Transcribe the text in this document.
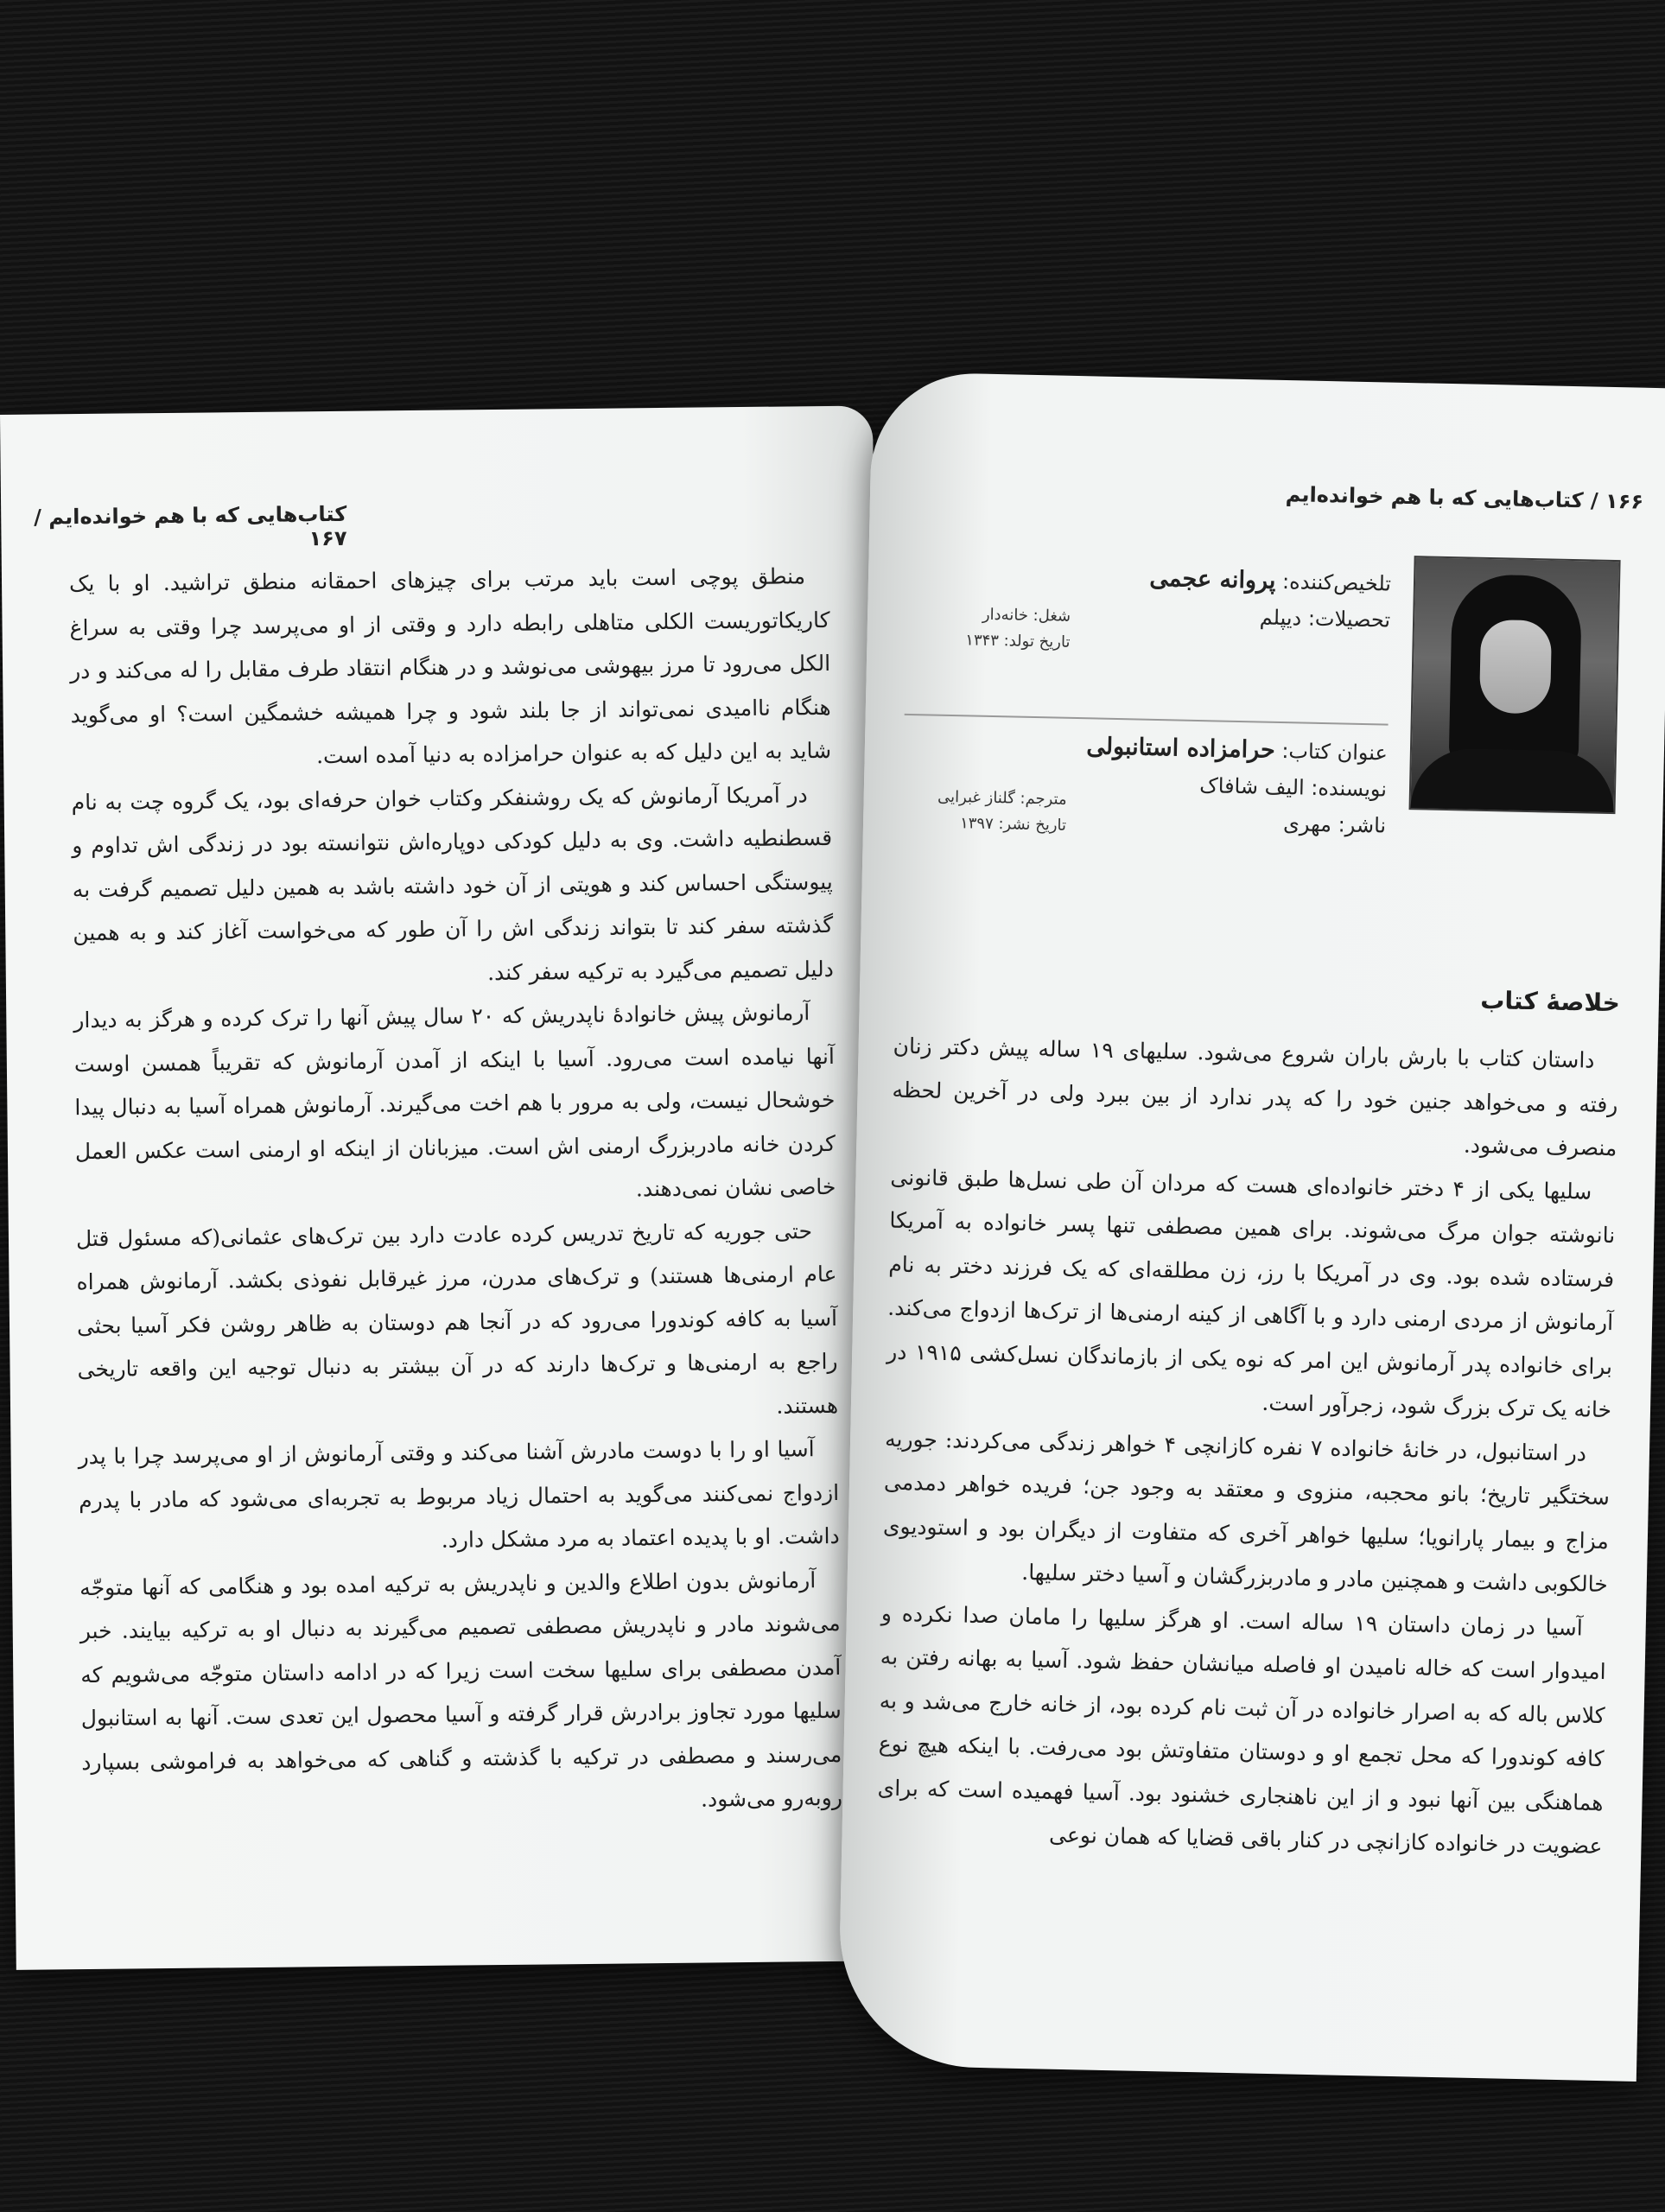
کتاب‌هایی که با هم خوانده‌ایم / ۱۶۷

منطق پوچی است باید مرتب برای چیزهای احمقانه منطق تراشید. او با یک کاریکاتوریست الکلی متاهلی رابطه دارد و وقتی از او می‌پرسد چرا وقتی به سراغ الکل می‌رود تا مرز بیهوشی می‌نوشد و در هنگام انتقاد طرف مقابل را له می‌کند و در هنگام ناامیدی نمی‌تواند از جا بلند شود و چرا همیشه خشمگین است؟ او می‌گوید شاید به این دلیل که به عنوان حرامزاده به دنیا آمده است.

در آمریکا آرمانوش که یک روشنفکر وکتاب خوان حرفه‌ای بود، یک گروه چت به نام قسطنطیه داشت. وی به دلیل کودکی دوپاره‌اش نتوانسته بود در زندگی اش تداوم و پیوستگی احساس کند و هویتی از آن خود داشته باشد به همین دلیل تصمیم گرفت به گذشته سفر کند تا بتواند زندگی اش را آن طور که می‌خواست آغاز کند و به همین دلیل تصمیم می‌گیرد به ترکیه سفر کند.

آرمانوش پیش خانوادهٔ ناپدریش که ۲۰ سال پیش آنها را ترک کرده و هرگز به دیدار آنها نیامده است می‌رود. آسیا با اینکه از آمدن آرمانوش که تقریباً همسن اوست خوشحال نیست، ولی به مرور با هم اخت می‌گیرند. آرمانوش همراه آسیا به دنبال پیدا کردن خانه مادربزرگ ارمنی اش است. میزبانان از اینکه او ارمنی است عکس العمل خاصی نشان نمی‌دهند.

حتی جوریه که تاریخ تدریس کرده عادت دارد بین ترک‌های عثمانی(که مسئول قتل عام ارمنی‌ها هستند) و ترک‌های مدرن، مرز غیرقابل نفوذی بکشد. آرمانوش همراه آسیا به کافه کوندورا می‌رود که در آنجا هم دوستان به ظاهر روشن فکر آسیا بحثی راجع به ارمنی‌ها و ترک‌ها دارند که در آن بیشتر به دنبال توجیه این واقعه تاریخی هستند.

آسیا او را با دوست مادرش آشنا می‌کند و وقتی آرمانوش از او می‌پرسد چرا با پدر ازدواج نمی‌کنند می‌گوید به احتمال زیاد مربوط به تجربه‌ای می‌شود که مادر با پدرم داشت. او با پدیده اعتماد به مرد مشکل دارد.

آرمانوش بدون اطلاع والدین و ناپدریش به ترکیه امده بود و هنگامی که آنها متوجّه می‌شوند مادر و ناپدریش مصطفی تصمیم می‌گیرند به دنبال او به ترکیه بیایند. خبر آمدن مصطفی برای سلیها سخت است زیرا که در ادامه داستان متوجّه می‌شویم که سلیها مورد تجاوز برادرش قرار گرفته و آسیا محصول این تعدی ست. آنها به استانبول می‌رسند و مصطفی در ترکیه با گذشته و گناهی که می‌خواهد به فراموشی بسپارد روبه‌رو می‌شود.

۱۶۶ / کتاب‌هایی که با هم خوانده‌ایم
تلخیص‌کننده: پروانه عجمی
تحصیلات: دیپلم
شغل: خانه‌دار
تاریخ تولد: ۱۳۴۳
عنوان کتاب: حرامزاده استانبولی
نویسنده: الیف شافاک
ناشر: مهری
مترجم: گلناز غبرایی
تاریخ نشر: ۱۳۹۷
خلاصهٔ کتاب

داستان کتاب با بارش باران شروع می‌شود. سلیهای ۱۹ ساله پیش دکتر زنان رفته و می‌خواهد جنین خود را که پدر ندارد از بین ببرد ولی در آخرین لحظه منصرف می‌شود.

سلیها یکی از ۴ دختر خانواده‌ای هست که مردان آن طی نسل‌ها طبق قانونی نانوشته جوان مرگ می‌شوند. برای همین مصطفی تنها پسر خانواده به آمریکا فرستاده شده بود. وی در آمریکا با رز، زن مطلقه‌ای که یک فرزند دختر به نام آرمانوش از مردی ارمنی دارد و با آگاهی از کینه ارمنی‌ها از ترک‌ها ازدواج می‌کند. برای خانواده پدر آرمانوش این امر که نوه یکی از بازماندگان نسل‌کشی ۱۹۱۵ در خانه یک ترک بزرگ شود، زجرآور است.

در استانبول، در خانهٔ خانواده ۷ نفره کازانچی ۴ خواهر زندگی می‌کردند: جوریه سختگیر تاریخ؛ بانو محجبه، منزوی و معتقد به وجود جن؛ فریده خواهر دمدمی مزاج و بیمار پارانویا؛ سلیها خواهر آخری که متفاوت از دیگران بود و استودیوی خالکوبی داشت و همچنین مادر و مادربزرگشان و آسیا دختر سلیها.

آسیا در زمان داستان ۱۹ ساله است. او هرگز سلیها را مامان صدا نکرده و امیدوار است که خاله نامیدن او فاصله میانشان حفظ شود. آسیا به بهانه رفتن به کلاس باله که به اصرار خانواده در آن ثبت نام کرده بود، از خانه خارج می‌شد و به کافه کوندورا که محل تجمع او و دوستان متفاوتش بود می‌رفت. با اینکه هیچ نوع هماهنگی بین آنها نبود و از این ناهنجاری خشنود بود. آسیا فهمیده است که برای عضویت در خانواده کازانچی در کنار باقی قضایا که همان نوعی
